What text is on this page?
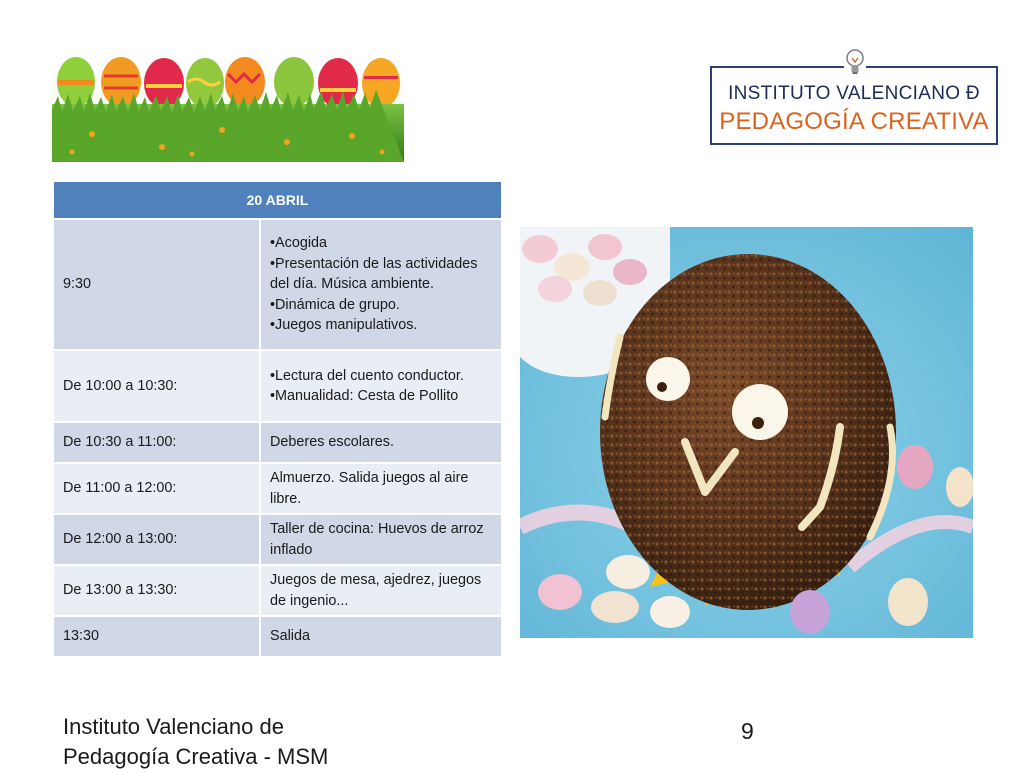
INSTITUTO VALENCIANO Đ
PEDAGOGÍA CREATIVA
20 ABRIL	
9:30	•Acogida
•Presentación de las actividades del día. Música ambiente.
•Dinámica de grupo.
•Juegos manipulativos.

De 10:00 a 10:30:	•Lectura del cuento conductor.
•Manualidad: Cesta de Pollito

De 10:30 a 11:00:	Deberes escolares.

De 11:00 a 12:00:	Almuerzo. Salida juegos al aire libre.

De 12:00 a 13:00:	Taller de cocina: Huevos de arroz inflado

De 13:00 a 13:30:	Juegos de mesa, ajedrez, juegos de ingenio...

13:30	Salida
Instituto Valenciano de
Pedagogía Creativa - MSM
9
